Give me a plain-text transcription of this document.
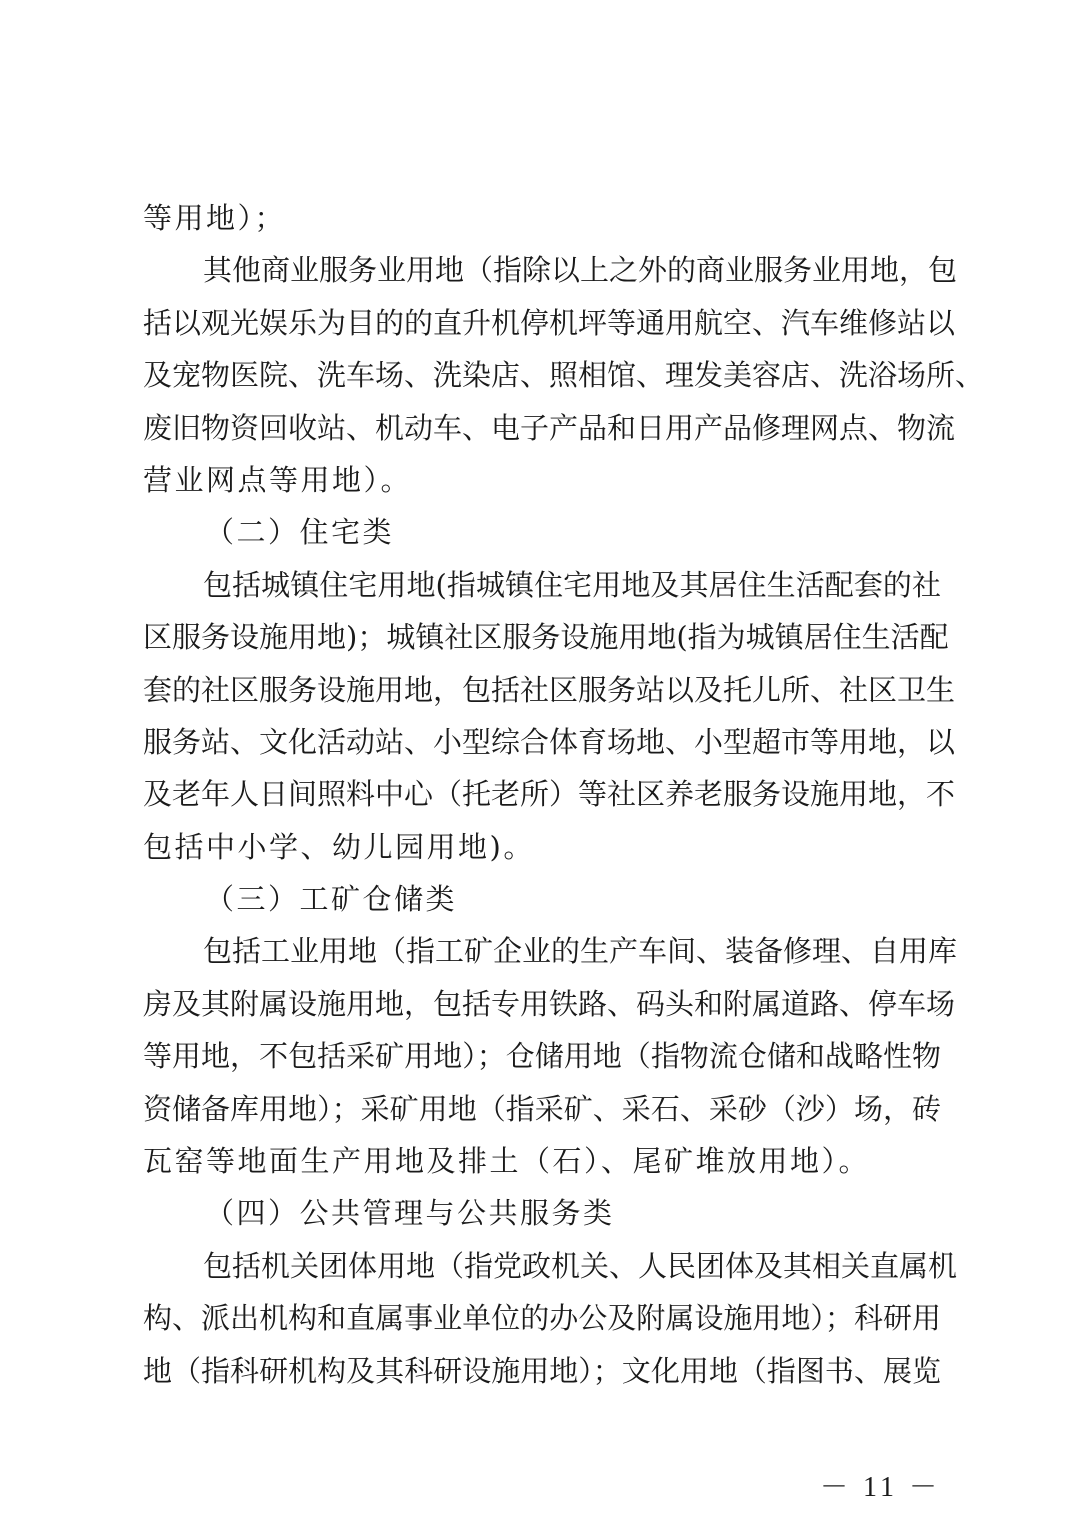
等用地）；
其他商业服务业用地（指除以上之外的商业服务业用地，包
括以观光娱乐为目的的直升机停机坪等通用航空、汽车维修站以
及宠物医院、洗车场、洗染店、照相馆、理发美容店、洗浴场所、
废旧物资回收站、机动车、电子产品和日用产品修理网点、物流
营业网点等用地）。
（二）住宅类
包括城镇住宅用地(指城镇住宅用地及其居住生活配套的社
区服务设施用地)；城镇社区服务设施用地(指为城镇居住生活配
套的社区服务设施用地，包括社区服务站以及托儿所、社区卫生
服务站、文化活动站、小型综合体育场地、小型超市等用地，以
及老年人日间照料中心（托老所）等社区养老服务设施用地，不
包括中小学、幼儿园用地)。
（三）工矿仓储类
包括工业用地（指工矿企业的生产车间、装备修理、自用库
房及其附属设施用地，包括专用铁路、码头和附属道路、停车场
等用地，不包括采矿用地）；仓储用地（指物流仓储和战略性物
资储备库用地）；采矿用地（指采矿、采石、采砂（沙）场，砖
瓦窑等地面生产用地及排土（石）、尾矿堆放用地）。
（四）公共管理与公共服务类
包括机关团体用地（指党政机关、人民团体及其相关直属机
构、派出机构和直属事业单位的办公及附属设施用地）；科研用
地（指科研机构及其科研设施用地）；文化用地（指图书、展览
－ 11 －
